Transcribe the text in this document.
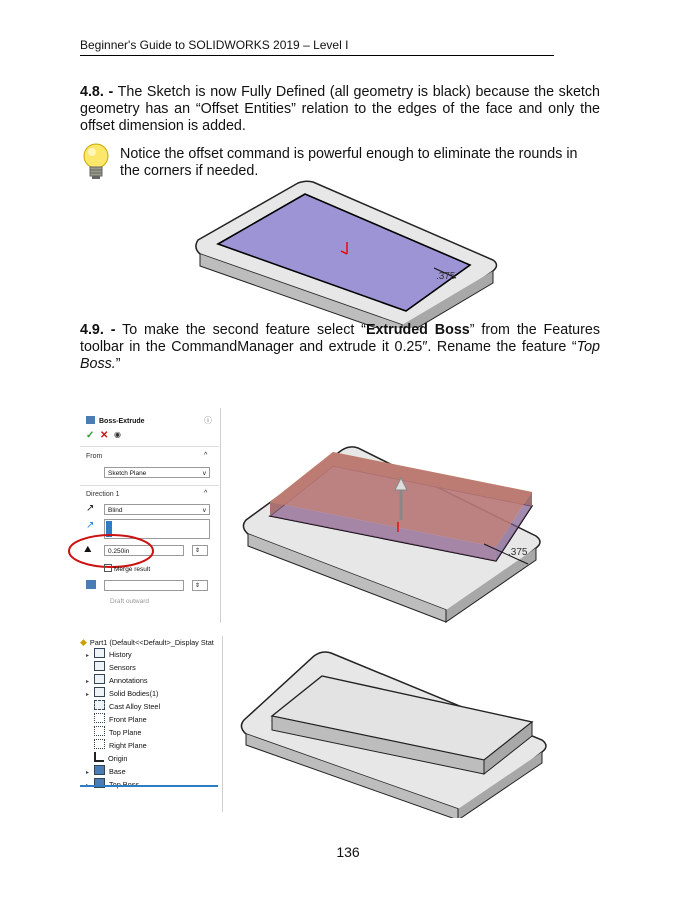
Beginner's Guide to SOLIDWORKS 2019 – Level I
4.8. - The Sketch is now Fully Defined (all geometry is black) because the sketch geometry has an “Offset Entities” relation to the edges of the face and only the offset dimension is added.
Notice the offset command is powerful enough to eliminate the rounds in the corners if needed.
.375
4.9. - To make the second feature select “Extruded Boss” from the Features toolbar in the CommandManager and extrude it 0.25″. Rename the feature “Top Boss.”
Boss-Extrude	ⓘ
✓ ✕ ◉
From	^
Sketch Plane	v
Direction 1	^
↗	Blind	v
↗
⛰	0.250in	⇕
Merge result
⇕
Draft outward
.375
◆ Part1 (Default<<Default>_Display Stat
▸	History
Sensors
▸	Annotations
▸	Solid Bodies(1)
Cast Alloy Steel
Front Plane
Top Plane
Right Plane
Origin
▸	Base
136
